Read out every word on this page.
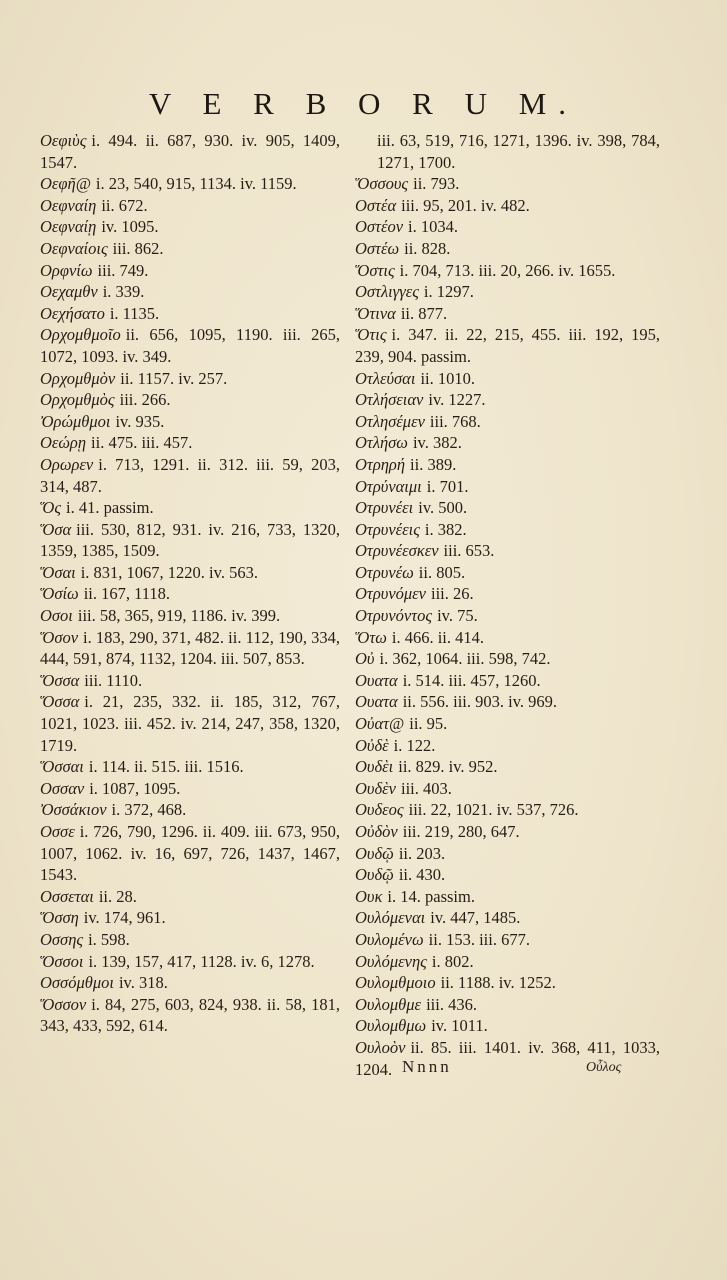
V E R B O R U M.

Οεφιὺς i. 494. ii. 687, 930. iv. 905, 1409, 1547.

Οεφῆ@ i. 23, 540, 915, 1134. iv. 1159.

Οεφναίη ii. 672.

Οεφναίῃ iv. 1095.

Οεφναίοις iii. 862.

Ορφνίω iii. 749.

Οεχαμθν i. 339.

Οεχήσατο i. 1135.

Ορχομθμοῖο ii. 656, 1095, 1190. iii. 265, 1072, 1093. iv. 349.

Ορχομθμὸν ii. 1157. iv. 257.

Ορχομθμὸς iii. 266.

Ὀρώμθμοι iv. 935.

Οεώρῃ ii. 475. iii. 457.

Ορωρεν i. 713, 1291. ii. 312. iii. 59, 203, 314, 487.

Ὅς i. 41. passim.

Ὅσα iii. 530, 812, 931. iv. 216, 733, 1320, 1359, 1385, 1509.

Ὅσαι i. 831, 1067, 1220. iv. 563.

Ὅσίω ii. 167, 1118.

Οσοι iii. 58, 365, 919, 1186. iv. 399.

Ὅσον i. 183, 290, 371, 482. ii. 112, 190, 334, 444, 591, 874, 1132, 1204. iii. 507, 853.

Ὅσσα iii. 1110.

Ὅσσα i. 21, 235, 332. ii. 185, 312, 767, 1021, 1023. iii. 452. iv. 214, 247, 358, 1320, 1719.

Ὅσσαι i. 114. ii. 515. iii. 1516.

Οσσαν i. 1087, 1095.

Ὀσσάκιον i. 372, 468.

Οσσε i. 726, 790, 1296. ii. 409. iii. 673, 950, 1007, 1062. iv. 16, 697, 726, 1437, 1467, 1543.

Οσσεται ii. 28.

Ὅσση iv. 174, 961.

Οσσης i. 598.

Ὅσσοι i. 139, 157, 417, 1128. iv. 6, 1278.

Οσσόμθμοι iv. 318.

Ὅσσον i. 84, 275, 603, 824, 938. ii. 58, 181, 343, 433, 592, 614.

iii. 63, 519, 716, 1271, 1396. iv. 398, 784, 1271, 1700.

Ὅσσους ii. 793.

Οστέα iii. 95, 201. iv. 482.

Οστέον i. 1034.

Οστέω ii. 828.

Ὅστις i. 704, 713. iii. 20, 266. iv. 1655.

Οστλιγγες i. 1297.

Ὅτινα ii. 877.

Ὅτις i. 347. ii. 22, 215, 455. iii. 192, 195, 239, 904. passim.

Οτλεύσαι ii. 1010.

Οτλήσειαν iv. 1227.

Οτλησέμεν iii. 768.

Οτλήσω iv. 382.

Οτρηρή ii. 389.

Οτρύναιμι i. 701.

Οτρυνέει iv. 500.

Οτρυνέεις i. 382.

Οτρυνέεσκεν iii. 653.

Οτρυνέω ii. 805.

Οτρυνόμεν iii. 26.

Οτρυνόντος iv. 75.

Ὅτω i. 466. ii. 414.

Οὐ i. 362, 1064. iii. 598, 742.

Ουατα i. 514. iii. 457, 1260.

Ουατα ii. 556. iii. 903. iv. 969.

Οὐατ@ ii. 95.

Οὐδὲ i. 122.

Ουδὲι ii. 829. iv. 952.

Ουδὲν iii. 403.

Ουδεος iii. 22, 1021. iv. 537, 726.

Οὐδὸν iii. 219, 280, 647.

Ουδῷ ii. 203.

Ουδῷ ii. 430.

Ουκ i. 14. passim.

Ουλόμεναι iv. 447, 1485.

Ουλομένω ii. 153. iii. 677.

Ουλόμενης i. 802.

Ουλομθμοιο ii. 1188. iv. 1252.

Ουλομθμε iii. 436.

Ουλομθμω iv. 1011.

Ουλοὸν ii. 85. iii. 1401. iv. 368, 411, 1033, 1204. Nnnn	Οὖλος
